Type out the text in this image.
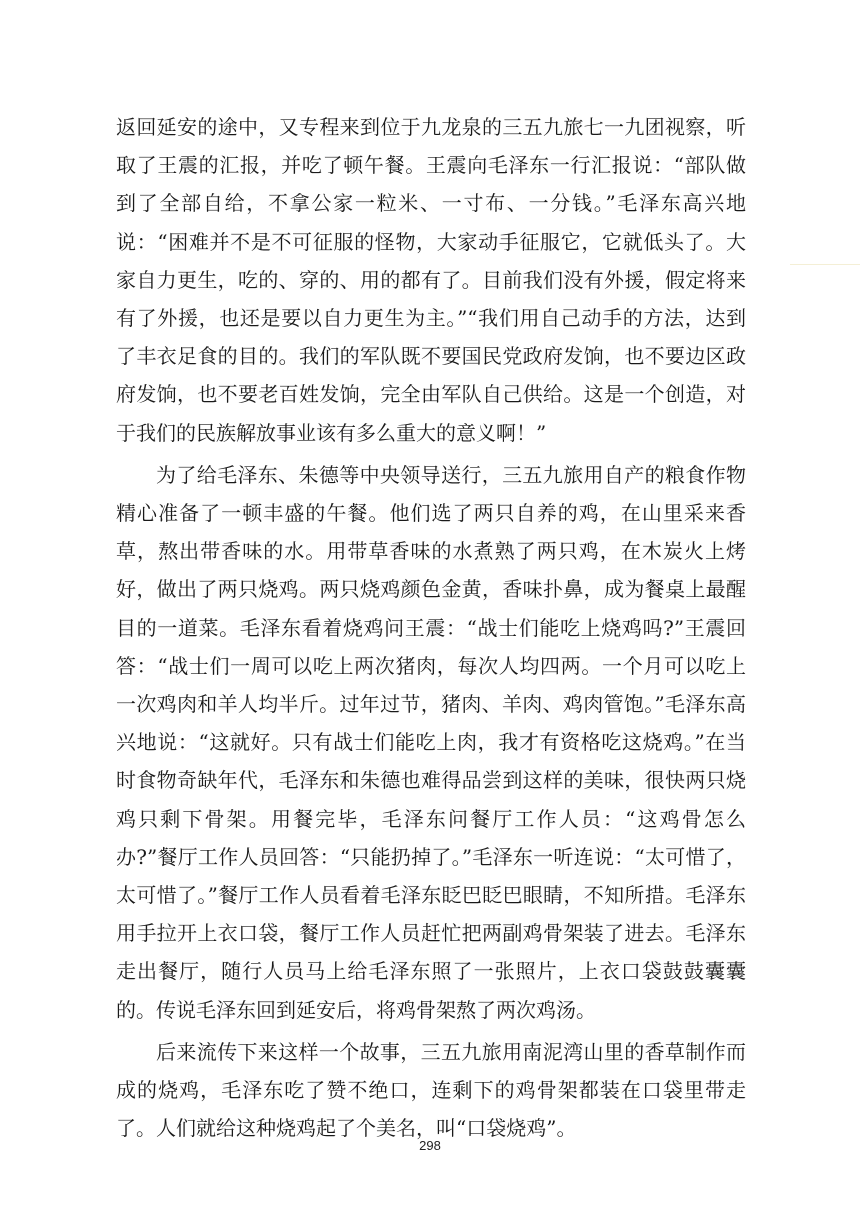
返回延安的途中，又专程来到位于九龙泉的三五九旅七一九团视察，听取了王震的汇报，并吃了顿午餐。王震向毛泽东一行汇报说：“部队做到了全部自给，不拿公家一粒米、一寸布、一分钱。”毛泽东高兴地说：“困难并不是不可征服的怪物，大家动手征服它，它就低头了。大家自力更生，吃的、穿的、用的都有了。目前我们没有外援，假定将来有了外援，也还是要以自力更生为主。”“我们用自己动手的方法，达到了丰衣足食的目的。我们的军队既不要国民党政府发饷，也不要边区政府发饷，也不要老百姓发饷，完全由军队自己供给。这是一个创造，对于我们的民族解放事业该有多么重大的意义啊！”

为了给毛泽东、朱德等中央领导送行，三五九旅用自产的粮食作物精心准备了一顿丰盛的午餐。他们选了两只自养的鸡，在山里采来香草，熬出带香味的水。用带草香味的水煮熟了两只鸡，在木炭火上烤好，做出了两只烧鸡。两只烧鸡颜色金黄，香味扑鼻，成为餐桌上最醒目的一道菜。毛泽东看着烧鸡问王震：“战士们能吃上烧鸡吗?”王震回答：“战士们一周可以吃上两次猪肉，每次人均四两。一个月可以吃上一次鸡肉和羊人均半斤。过年过节，猪肉、羊肉、鸡肉管饱。”毛泽东高兴地说：“这就好。只有战士们能吃上肉，我才有资格吃这烧鸡。”在当时食物奇缺年代，毛泽东和朱德也难得品尝到这样的美味，很快两只烧鸡只剩下骨架。用餐完毕，毛泽东问餐厅工作人员：“这鸡骨怎么办?”餐厅工作人员回答：“只能扔掉了。”毛泽东一听连说：“太可惜了，太可惜了。”餐厅工作人员看着毛泽东眨巴眨巴眼睛，不知所措。毛泽东用手拉开上衣口袋，餐厅工作人员赶忙把两副鸡骨架装了进去。毛泽东走出餐厅，随行人员马上给毛泽东照了一张照片，上衣口袋鼓鼓囊囊的。传说毛泽东回到延安后，将鸡骨架熬了两次鸡汤。

后来流传下来这样一个故事，三五九旅用南泥湾山里的香草制作而成的烧鸡，毛泽东吃了赞不绝口，连剩下的鸡骨架都装在口袋里带走了。人们就给这种烧鸡起了个美名，叫“口袋烧鸡”。

298
